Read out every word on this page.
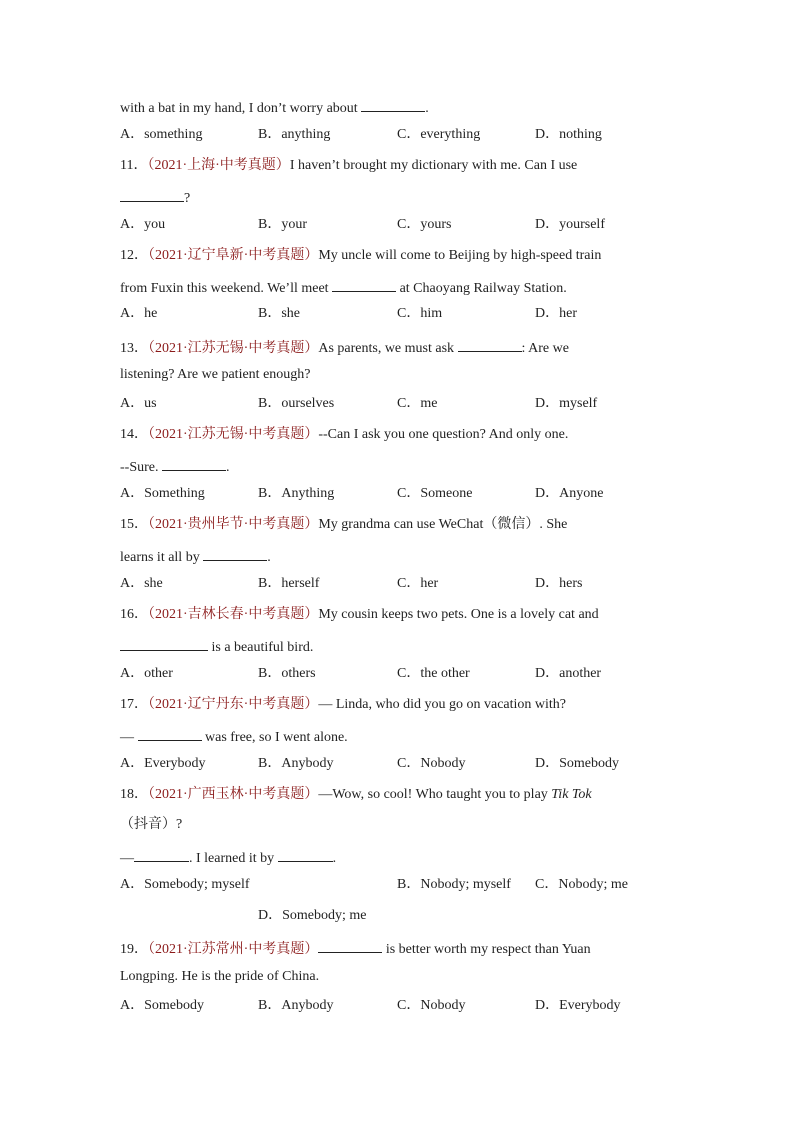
with a bat in my hand, I don’t worry about	.
A．something	B．anything	C．everything	D．nothing
11．（2021·上海·中考真题）I haven’t brought my dictionary with me. Can I use
?
A．you	B．your	C．yours	D．yourself
12．（2021·辽宁阜新·中考真题）My uncle will come to Beijing by high-speed train
from Fuxin this weekend. We’ll meet	at Chaoyang Railway Station.
A．he	B．she	C．him	D．her
13．（2021·江苏无锡·中考真题）As parents, we must ask	: Are we
listening? Are we patient enough?
A．us	B．ourselves	C．me	D．myself
14．（2021·江苏无锡·中考真题）--Can I ask you one question? And only one.
--Sure.	.
A．Something	B．Anything	C．Someone	D．Anyone
15．（2021·贵州毕节·中考真题）My grandma can use WeChat（微信）. She
learns it all by	.
A．she	B．herself	C．her	D．hers
16．（2021·吉林长春·中考真题）My cousin keeps two pets. One is a lovely cat and
is a beautiful bird.
A．other	B．others	C．the other	D．another
17．（2021·辽宁丹东·中考真题）— Linda, who did you go on vacation with?
—	was free, so I went alone.
A．Everybody	B．Anybody	C．Nobody	D．Somebody
18．（2021·广西玉林·中考真题）—Wow, so cool! Who taught you to play Tik Tok
（抖音）?
—	. I learned it by	.
A．Somebody; myself	B．Nobody; myself C．Nobody; me
D．Somebody; me
19．（2021·江苏常州·中考真题）	is better worth my respect than Yuan
Longping. He is the pride of China.
A．Somebody	B．Anybody	C．Nobody	D．Everybody
